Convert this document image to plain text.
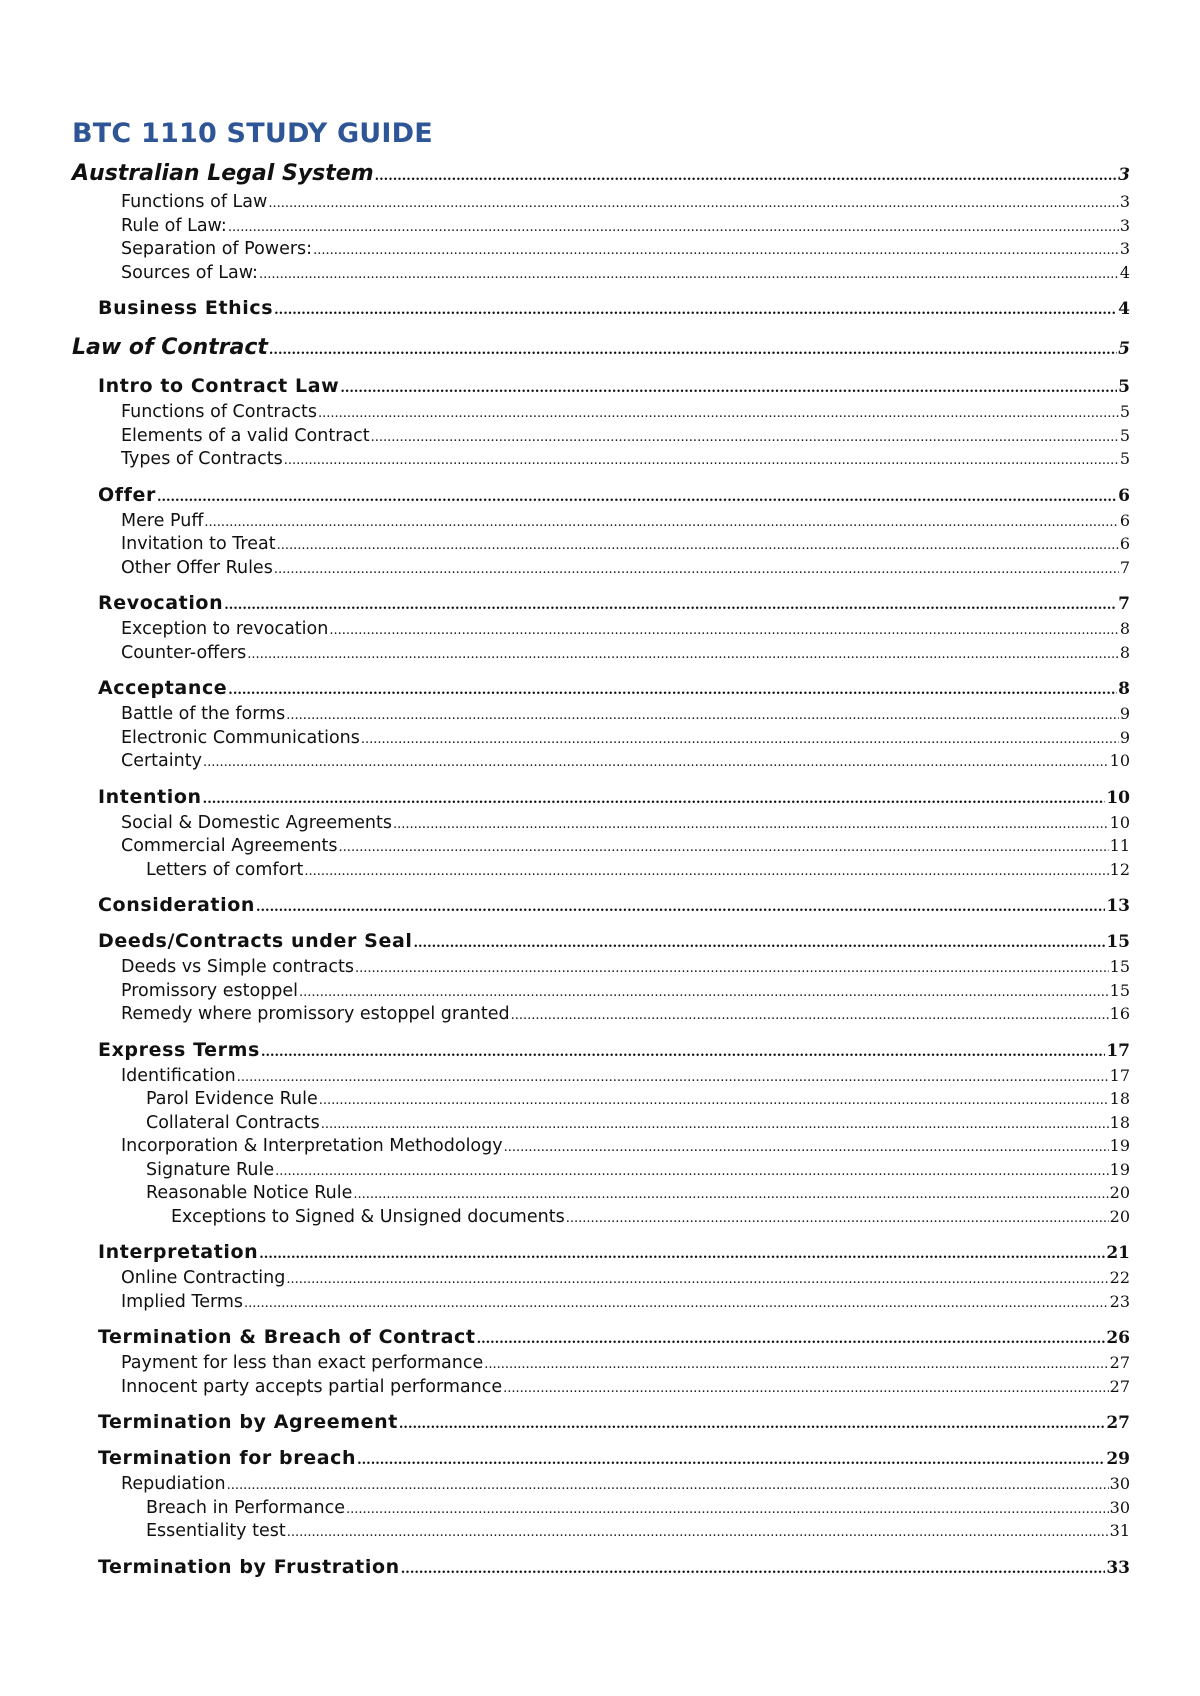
BTC 1110 STUDY GUIDE
Australian Legal System .....	3
Functions of Law .....	3
Rule of Law: .....	3
Separation of Powers: .....	3
Sources of Law: .....	4
Business Ethics .....	4
Law of Contract .....	5
Intro to Contract Law .....	5
Functions of Contracts .....	5
Elements of a valid Contract .....	5
Types of Contracts .....	5
Offer .....	6
Mere Puff .....	6
Invitation to Treat .....	6
Other Offer Rules .....	7
Revocation .....	7
Exception to revocation .....	8
Counter-offers .....	8
Acceptance .....	8
Battle of the forms .....	9
Electronic Communications .....	9
Certainty .....	10
Intention .....	10
Social & Domestic Agreements .....	10
Commercial Agreements .....	11
Letters of comfort .....	12
Consideration .....	13
Deeds/Contracts under Seal .....	15
Deeds vs Simple contracts .....	15
Promissory estoppel .....	15
Remedy where promissory estoppel granted .....	16
Express Terms .....	17
Identification .....	17
Parol Evidence Rule .....	18
Collateral Contracts .....	18
Incorporation & Interpretation Methodology .....	19
Signature Rule .....	19
Reasonable Notice Rule .....	20
Exceptions to Signed & Unsigned documents .....	20
Interpretation .....	21
Online Contracting .....	22
Implied Terms .....	23
Termination & Breach of Contract .....	26
Payment for less than exact performance .....	27
Innocent party accepts partial performance .....	27
Termination by Agreement .....	27
Termination for breach .....	29
Repudiation .....	30
Breach in Performance .....	30
Essentiality test .....	31
Termination by Frustration .....	33
